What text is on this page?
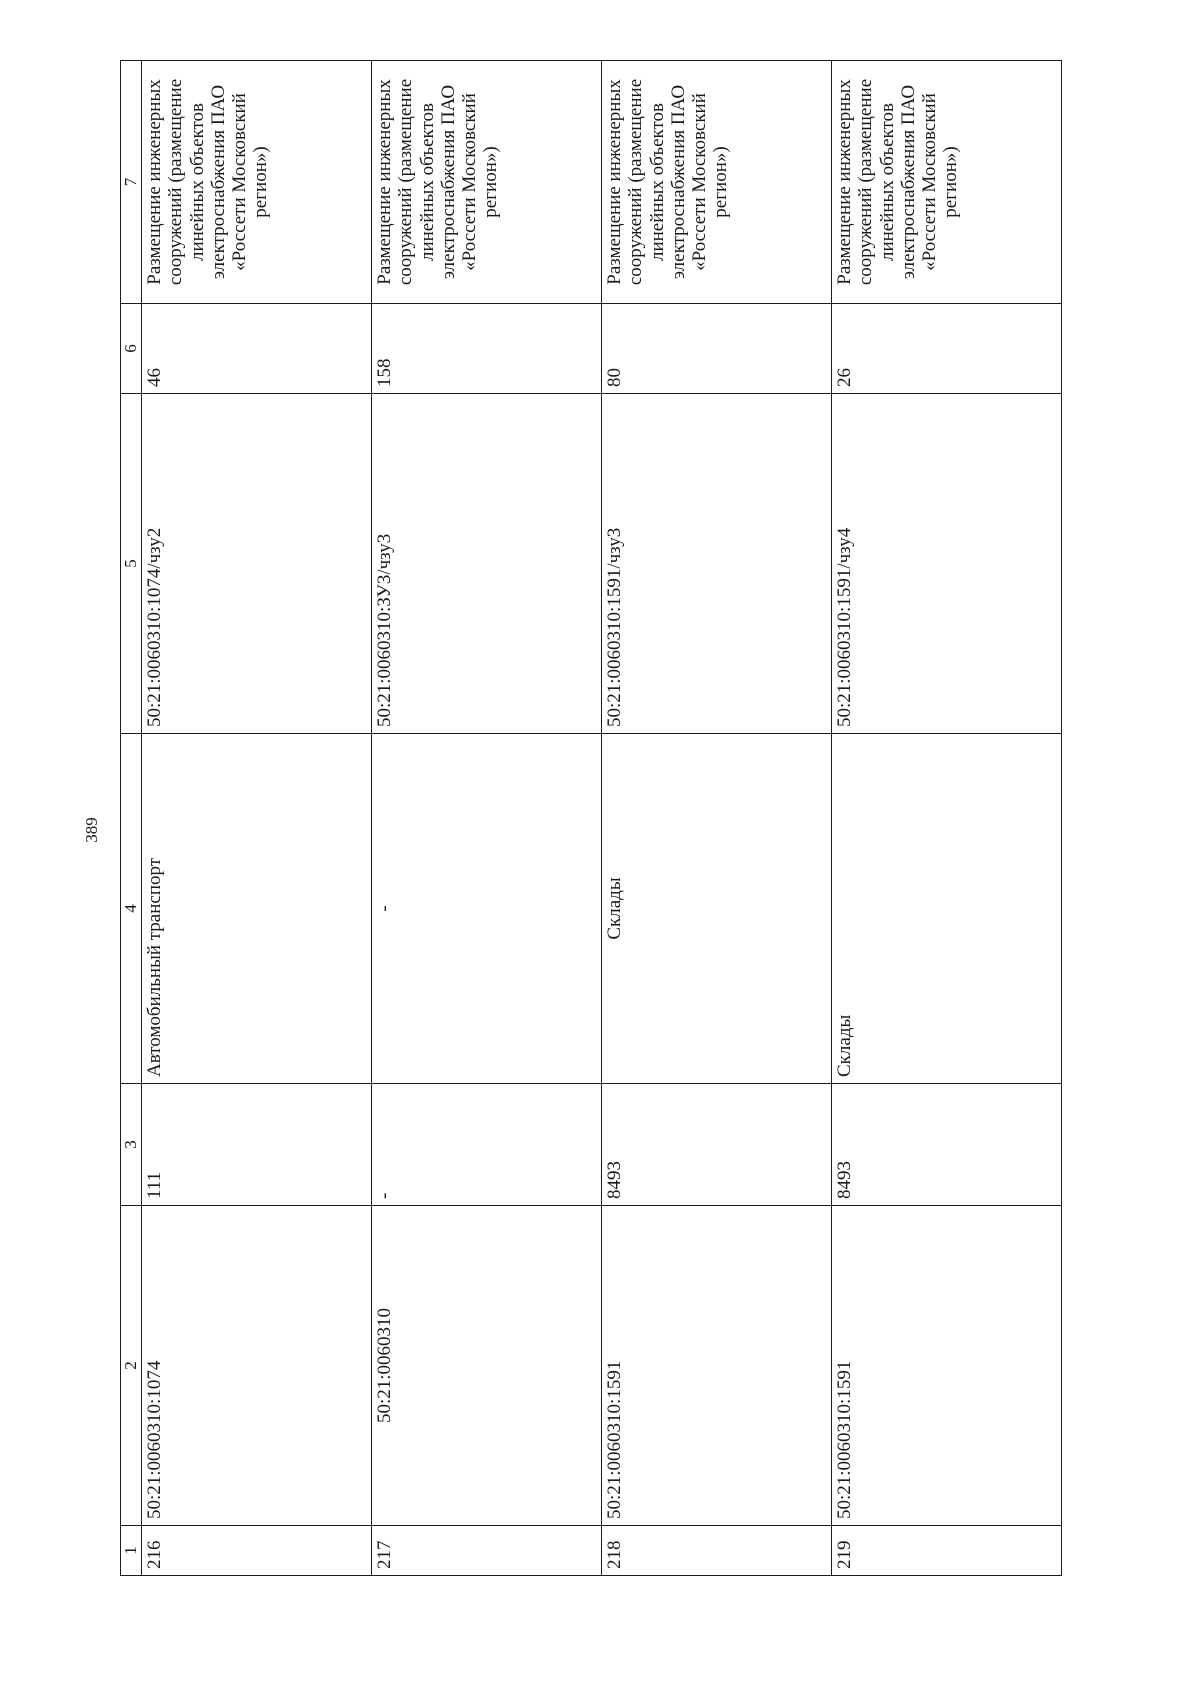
389
1	2	3	4	5	6	7
216	50:21:0060310:1074	111	Автомобильный транспорт	50:21:0060310:1074/чзу2	46	Размещение инженерных сооружений (размещение линейных объектов электроснабжения ПАО «Россети Московский регион»)
217	50:21:0060310	-	-	50:21:0060310:ЗУ3/чзу3	158	Размещение инженерных сооружений (размещение линейных объектов электроснабжения ПАО «Россети Московский регион»)
218	50:21:0060310:1591	8493	Склады	50:21:0060310:1591/чзу3	80	Размещение инженерных сооружений (размещение линейных объектов электроснабжения ПАО «Россети Московский регион»)
219	50:21:0060310:1591	8493	Склады	50:21:0060310:1591/чзу4	26	Размещение инженерных сооружений (размещение линейных объектов электроснабжения ПАО «Россети Московский регион»)
